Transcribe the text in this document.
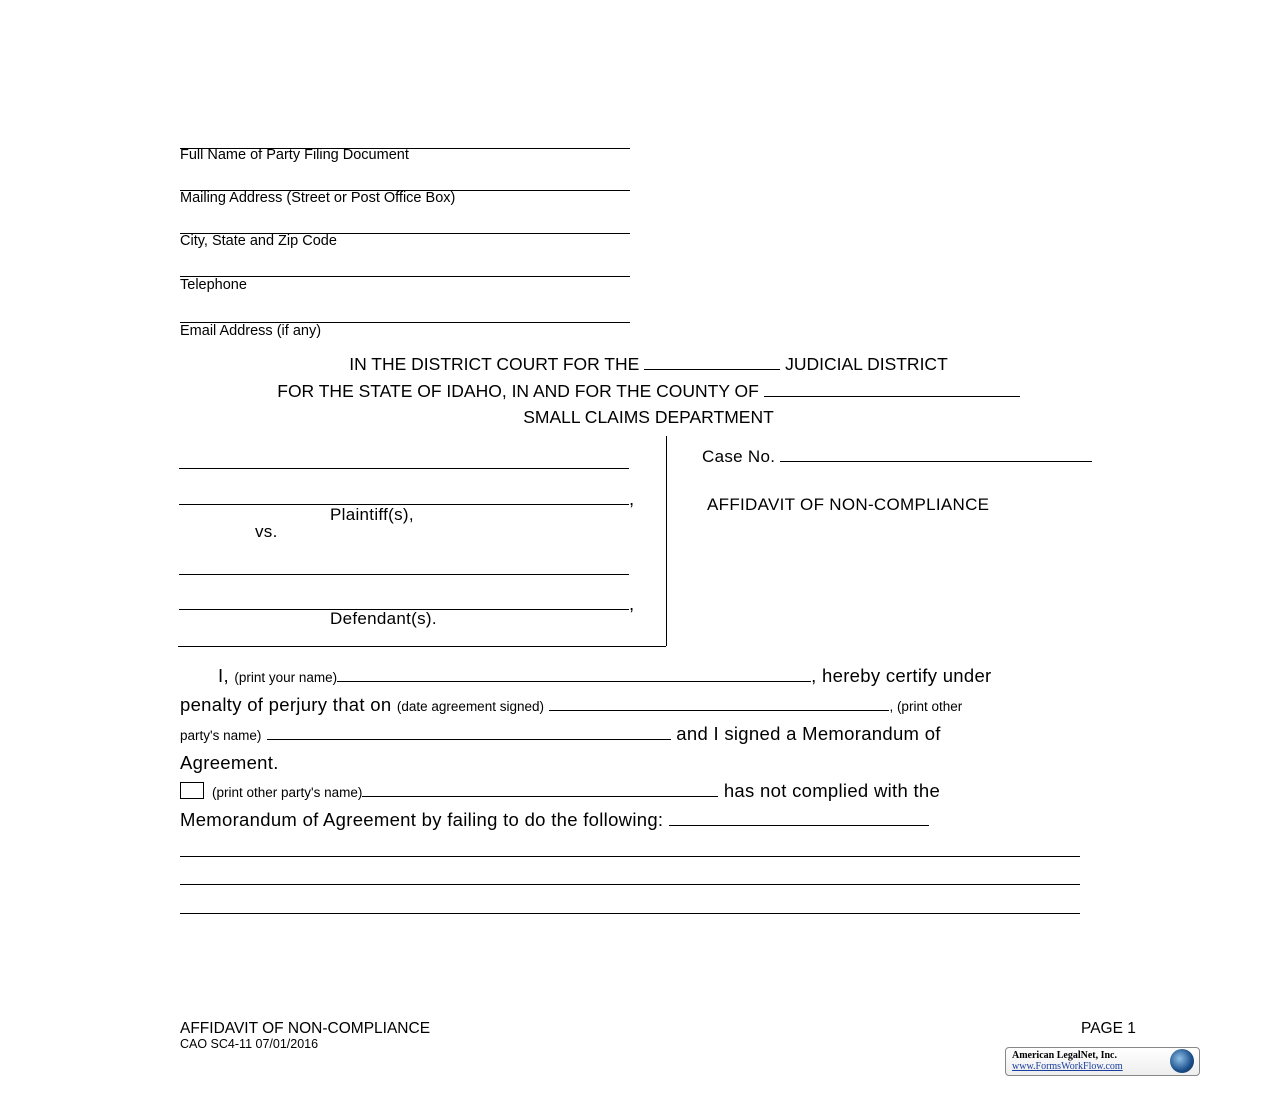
Full Name of Party Filing Document
Mailing Address (Street or Post Office Box)
City, State and Zip Code
Telephone
Email Address (if any)
IN THE DISTRICT COURT FOR THE	JUDICIAL DISTRICT
FOR THE STATE OF IDAHO, IN AND FOR THE COUNTY OF
SMALL CLAIMS DEPARTMENT
,
Plaintiff(s),
vs.
,
Defendant(s).
Case No.
AFFIDAVIT OF NON-COMPLIANCE
I, (print your name)	, hereby certify under
penalty of perjury that on (date agreement signed)	, (print other
party's name)	and I signed a Memorandum of
Agreement.
(print other party's name)	has not complied with the
Memorandum of Agreement by failing to do the following:
AFFIDAVIT OF NON-COMPLIANCE
CAO SC4-11 07/01/2016
PAGE 1
American LegalNet, Inc.
www.FormsWorkFlow.com
